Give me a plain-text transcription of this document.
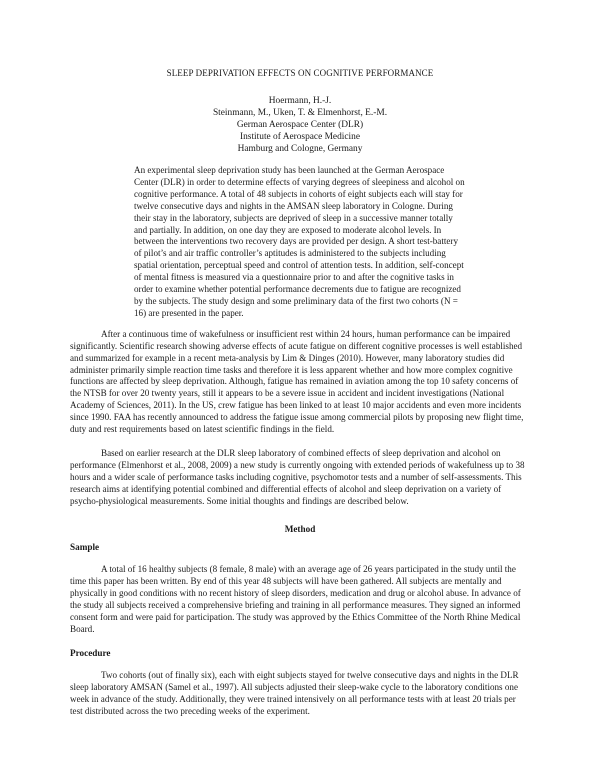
SLEEP DEPRIVATION EFFECTS ON COGNITIVE PERFORMANCE
Hoermann, H.-J.
Steinmann, M., Uken, T. & Elmenhorst, E.-M.
German Aerospace Center (DLR)
Institute of Aerospace Medicine
Hamburg and Cologne, Germany
An experimental sleep deprivation study has been launched at the German Aerospace Center (DLR) in order to determine effects of varying degrees of sleepiness and alcohol on cognitive performance. A total of 48 subjects in cohorts of eight subjects each will stay for twelve consecutive days and nights in the AMSAN sleep laboratory in Cologne. During their stay in the laboratory, subjects are deprived of sleep in a successive manner totally and partially. In addition, on one day they are exposed to moderate alcohol levels. In between the interventions two recovery days are provided per design. A short test-battery of pilot’s and air traffic controller’s aptitudes is administered to the subjects including spatial orientation, perceptual speed and control of attention tests. In addition, self-concept of mental fitness is measured via a questionnaire prior to and after the cognitive tasks in order to examine whether potential performance decrements due to fatigue are recognized by the subjects. The study design and some preliminary data of the first two cohorts (N = 16) are presented in the paper.

After a continuous time of wakefulness or insufficient rest within 24 hours, human performance can be impaired significantly. Scientific research showing adverse effects of acute fatigue on different cognitive processes is well established and summarized for example in a recent meta-analysis by Lim & Dinges (2010). However, many laboratory studies did administer primarily simple reaction time tasks and therefore it is less apparent whether and how more complex cognitive functions are affected by sleep deprivation. Although, fatigue has remained in aviation among the top 10 safety concerns of the NTSB for over 20 twenty years, still it appears to be a severe issue in accident and incident investigations (National Academy of Sciences, 2011). In the US, crew fatigue has been linked to at least 10 major accidents and even more incidents since 1990. FAA has recently announced to address the fatigue issue among commercial pilots by proposing new flight time, duty and rest requirements based on latest scientific findings in the field.

Based on earlier research at the DLR sleep laboratory of combined effects of sleep deprivation and alcohol on performance (Elmenhorst et al., 2008, 2009) a new study is currently ongoing with extended periods of wakefulness up to 38 hours and a wider scale of performance tasks including cognitive, psychomotor tests and a number of self-assessments. This research aims at identifying potential combined and differential effects of alcohol and sleep deprivation on a variety of psycho-physiological measurements. Some initial thoughts and findings are described below.

Method
Sample

A total of 16 healthy subjects (8 female, 8 male) with an average age of 26 years participated in the study until the time this paper has been written. By end of this year 48 subjects will have been gathered. All subjects are mentally and physically in good conditions with no recent history of sleep disorders, medication and drug or alcohol abuse. In advance of the study all subjects received a comprehensive briefing and training in all performance measures. They signed an informed consent form and were paid for participation. The study was approved by the Ethics Committee of the North Rhine Medical Board.

Procedure

Two cohorts (out of finally six), each with eight subjects stayed for twelve consecutive days and nights in the DLR sleep laboratory AMSAN (Samel et al., 1997). All subjects adjusted their sleep-wake cycle to the laboratory conditions one week in advance of the study. Additionally, they were trained intensively on all performance tests with at least 20 trials per test distributed across the two preceding weeks of the experiment.
